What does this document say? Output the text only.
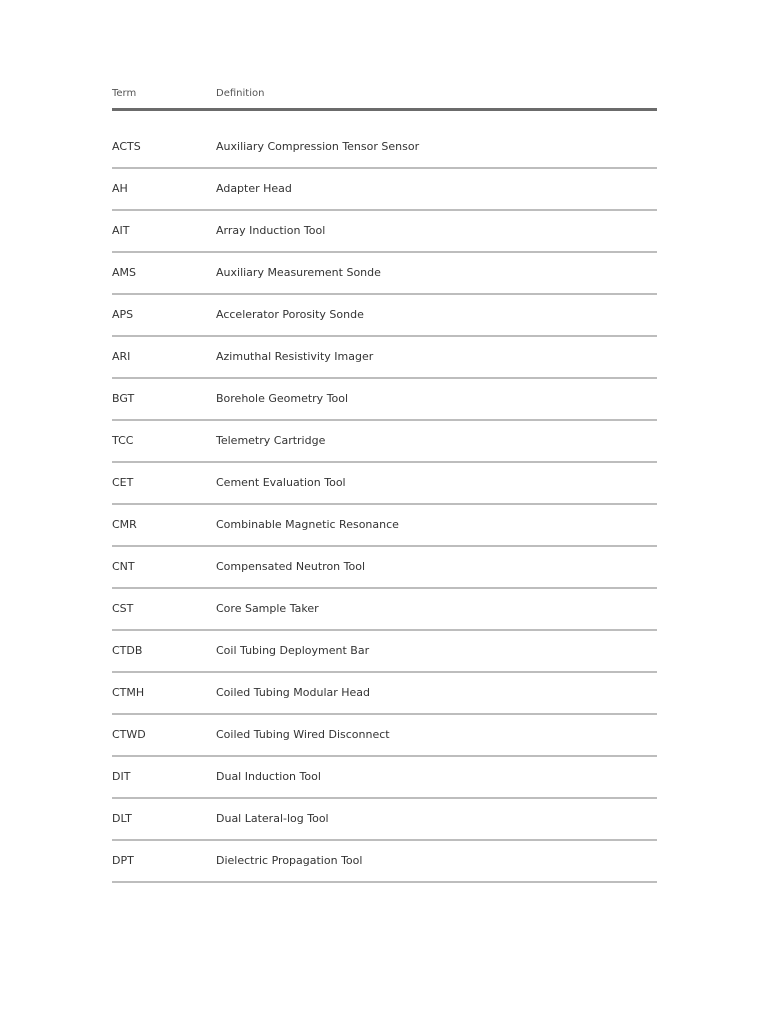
Term	Definition
ACTS	Auxiliary Compression Tensor Sensor
AH	Adapter Head
AIT	Array Induction Tool
AMS	Auxiliary Measurement Sonde
APS	Accelerator Porosity Sonde
ARI	Azimuthal Resistivity Imager
BGT	Borehole Geometry Tool
TCC	Telemetry Cartridge
CET	Cement Evaluation Tool
CMR	Combinable Magnetic Resonance
CNT	Compensated Neutron Tool
CST	Core Sample Taker
CTDB	Coil Tubing Deployment Bar
CTMH	Coiled Tubing Modular Head
CTWD	Coiled Tubing Wired Disconnect
DIT	Dual Induction Tool
DLT	Dual Lateral-log Tool
DPT	Dielectric Propagation Tool
